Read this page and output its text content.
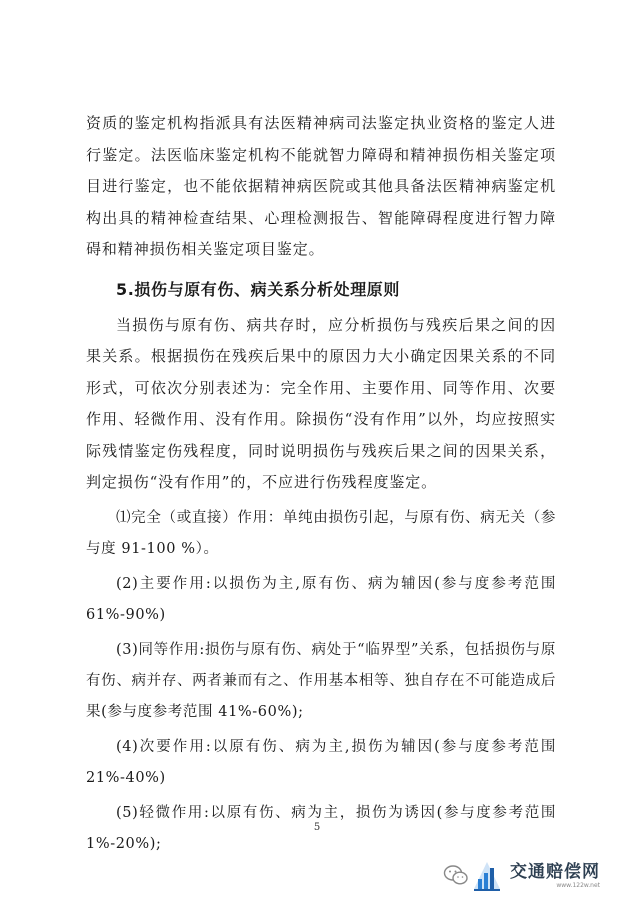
资质的鉴定机构指派具有法医精神病司法鉴定执业资格的鉴定人进行鉴定。法医临床鉴定机构不能就智力障碍和精神损伤相关鉴定项目进行鉴定，也不能依据精神病医院或其他具备法医精神病鉴定机构出具的精神检查结果、心理检测报告、智能障碍程度进行智力障碍和精神损伤相关鉴定项目鉴定。

5.损伤与原有伤、病关系分析处理原则

当损伤与原有伤、病共存时，应分析损伤与残疾后果之间的因果关系。根据损伤在残疾后果中的原因力大小确定因果关系的不同形式，可依次分别表述为：完全作用、主要作用、同等作用、次要作用、轻微作用、没有作用。除损伤“没有作用”以外，均应按照实际残情鉴定伤残程度，同时说明损伤与残疾后果之间的因果关系，判定损伤“没有作用”的，不应进行伤残程度鉴定。

⑴完全（或直接）作用：单纯由损伤引起，与原有伤、病无关（参与度 91-100 %）。

(2)主要作用:以损伤为主,原有伤、病为辅因(参与度参考范围61%-90%)

(3)同等作用:损伤与原有伤、病处于“临界型”关系，包括损伤与原有伤、病并存、两者兼而有之、作用基本相等、独自存在不可能造成后果(参与度参考范围 41%-60%);

(4)次要作用:以原有伤、病为主,损伤为辅因(参与度参考范围21%-40%)

(5)轻微作用:以原有伤、病为主，损伤为诱因(参与度参考范围 1%-20%);

5
交通赔偿网
www.122w.net
